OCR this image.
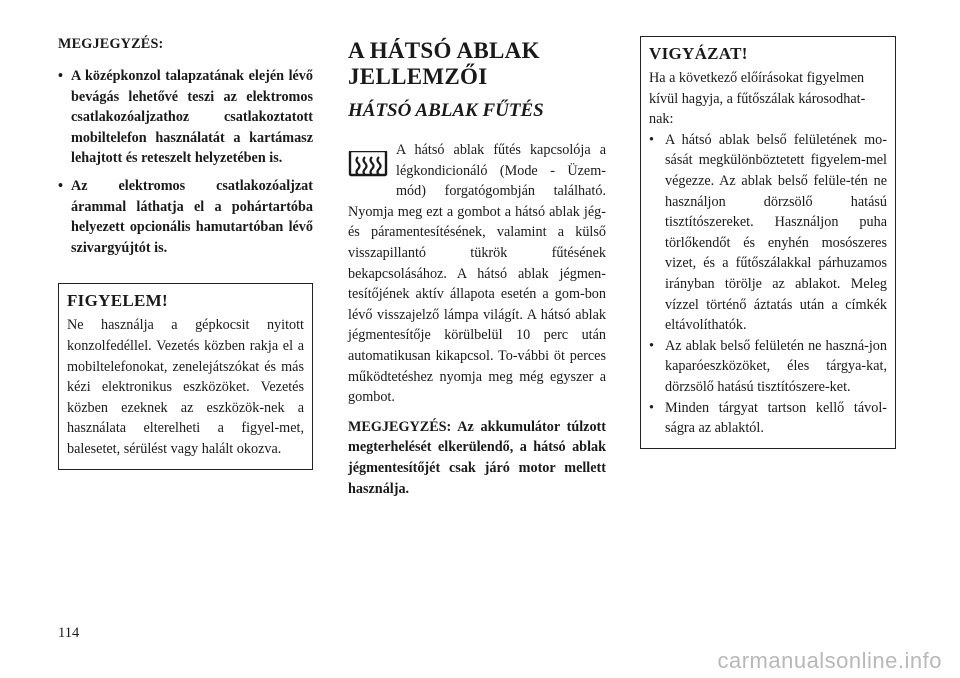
MEGJEGYZÉS:

• A középkonzol talapzatának elején lévő bevágás lehetővé teszi az elektromos csatlakozóaljzathoz csatlakoztatott mobiltelefon használatát a kartámasz lehajtott és reteszelt helyzetében is.
• Az elektromos csatlakozóaljzat árammal láthatja el a pohártartóba helyezett opcionális hamutartóban lévő szivargyújtót is.

FIGYELEM!

Ne használja a gépkocsit nyitott konzolfedéllel. Vezetés közben rakja el a mobiltelefonokat, zenelejátszókat és más kézi elektronikus eszközöket. Vezetés közben ezeknek az eszközök-nek a használata elterelheti a figyel-met, balesetet, sérülést vagy halált okozva.

A HÁTSÓ ABLAK JELLEMZŐI
HÁTSÓ ABLAK FŰTÉS

A hátsó ablak fűtés kapcsolója a légkondicionáló (Mode - Üzem-mód) forgatógombján található. Nyomja meg ezt a gombot a hátsó ablak jég- és páramentesítésének, valamint a külső visszapillantó tükrök fűtésének bekapcsolásához. A hátsó ablak jégmen-tesítőjének aktív állapota esetén a gom-bon lévő visszajelző lámpa világít. A hátsó ablak jégmentesítője körülbelül 10 perc után automatikusan kikapcsol. To-vábbi öt perces működtetéshez nyomja meg még egyszer a gombot.

MEGJEGYZÉS: Az akkumulátor túlzott megterhelését elkerülendő, a hátsó ablak jégmentesítőjét csak járó motor mellett használja.

VIGYÁZAT!

Ha a következő előírásokat figyelmen kívül hagyja, a fűtőszálak károsodhat-nak:

• A hátsó ablak belső felületének mo-sását megkülönböztetett figyelem-mel végezze. Az ablak belső felüle-tén ne használjon dörzsölő hatású tisztítószereket. Használjon puha törlőkendőt és enyhén mosószeres vizet, és a fűtőszálakkal párhuzamos irányban törölje az ablakot. Meleg vízzel történő áztatás után a címkék eltávolíthatók.
• Az ablak belső felületén ne haszná-jon kaparóeszközöket, éles tárgya-kat, dörzsölő hatású tisztítószere-ket.
• Minden tárgyat tartson kellő távol-ságra az ablaktól.
114
carmanualsonline.info
